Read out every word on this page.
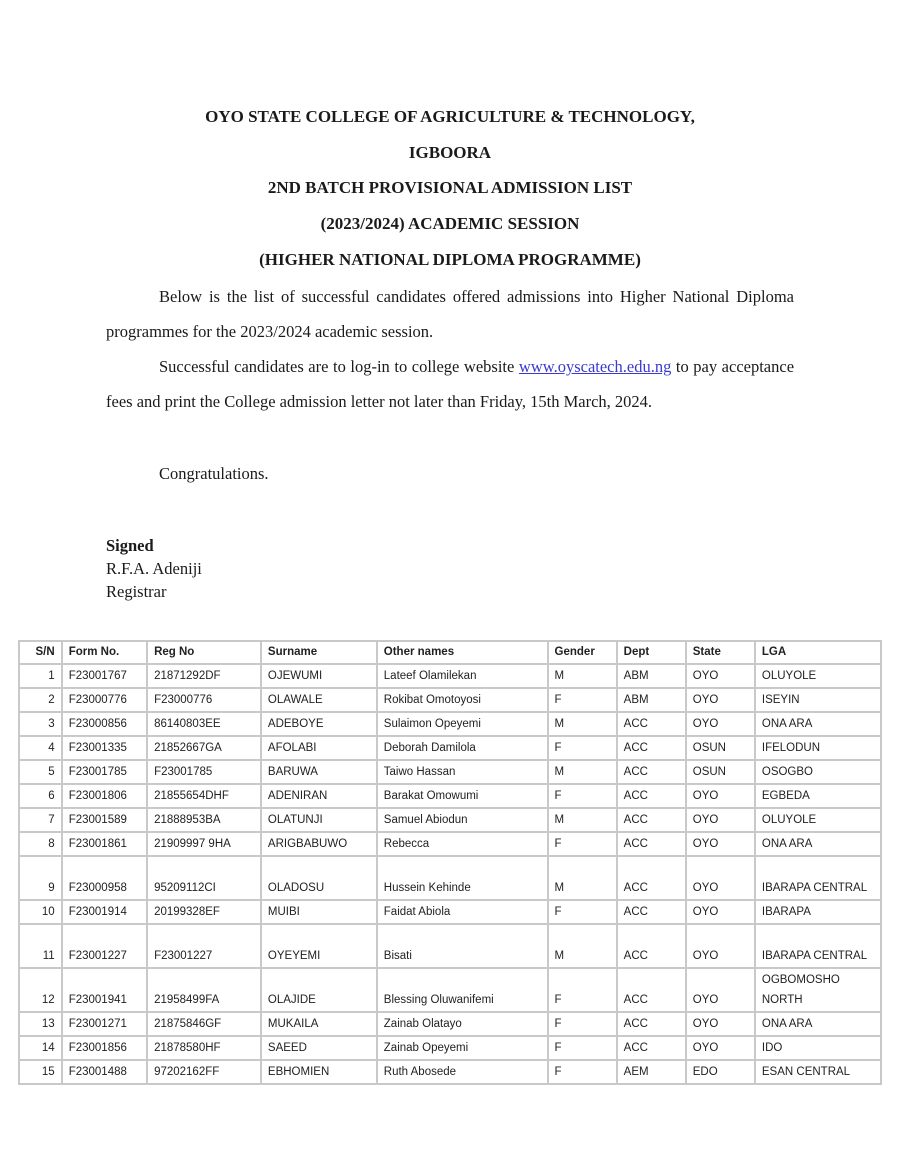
OYO STATE COLLEGE OF AGRICULTURE & TECHNOLOGY,
IGBOORA
2ND BATCH PROVISIONAL ADMISSION LIST
(2023/2024) ACADEMIC SESSION
(HIGHER NATIONAL DIPLOMA PROGRAMME)
Below is the list of successful candidates offered admissions into Higher National Diploma programmes for the 2023/2024 academic session.
Successful candidates are to log-in to college website www.oyscatech.edu.ng to pay acceptance fees and print the College admission letter not later than Friday, 15th March, 2024.
Congratulations.
Signed
R.F.A. Adeniji
Registrar
S/N	Form No.	Reg No	Surname	Other names	Gender	Dept	State	LGA
1	F23001767	21871292DF	OJEWUMI	Lateef Olamilekan	M	ABM	OYO	OLUYOLE
2	F23000776	F23000776	OLAWALE	Rokibat Omotoyosi	F	ABM	OYO	ISEYIN
3	F23000856	86140803EE	ADEBOYE	Sulaimon Opeyemi	M	ACC	OYO	ONA ARA
4	F23001335	21852667GA	AFOLABI	Deborah Damilola	F	ACC	OSUN	IFELODUN
5	F23001785	F23001785	BARUWA	Taiwo Hassan	M	ACC	OSUN	OSOGBO
6	F23001806	21855654DHF	ADENIRAN	Barakat Omowumi	F	ACC	OYO	EGBEDA
7	F23001589	21888953BA	OLATUNJI	Samuel Abiodun	M	ACC	OYO	OLUYOLE
8	F23001861	21909997 9HA	ARIGBABUWO	Rebecca	F	ACC	OYO	ONA ARA
9	F23000958	95209112CI	OLADOSU	Hussein Kehinde	M	ACC	OYO	IBARAPA CENTRAL
10	F23001914	20199328EF	MUIBI	Faidat Abiola	F	ACC	OYO	IBARAPA
11	F23001227	F23001227	OYEYEMI	Bisati	M	ACC	OYO	IBARAPA CENTRAL
12	F23001941	21958499FA	OLAJIDE	Blessing Oluwanifemi	F	ACC	OYO	OGBOMOSHO NORTH
13	F23001271	21875846GF	MUKAILA	Zainab Olatayo	F	ACC	OYO	ONA ARA
14	F23001856	21878580HF	SAEED	Zainab Opeyemi	F	ACC	OYO	IDO
15	F23001488	97202162FF	EBHOMIEN	Ruth Abosede	F	AEM	EDO	ESAN CENTRAL
